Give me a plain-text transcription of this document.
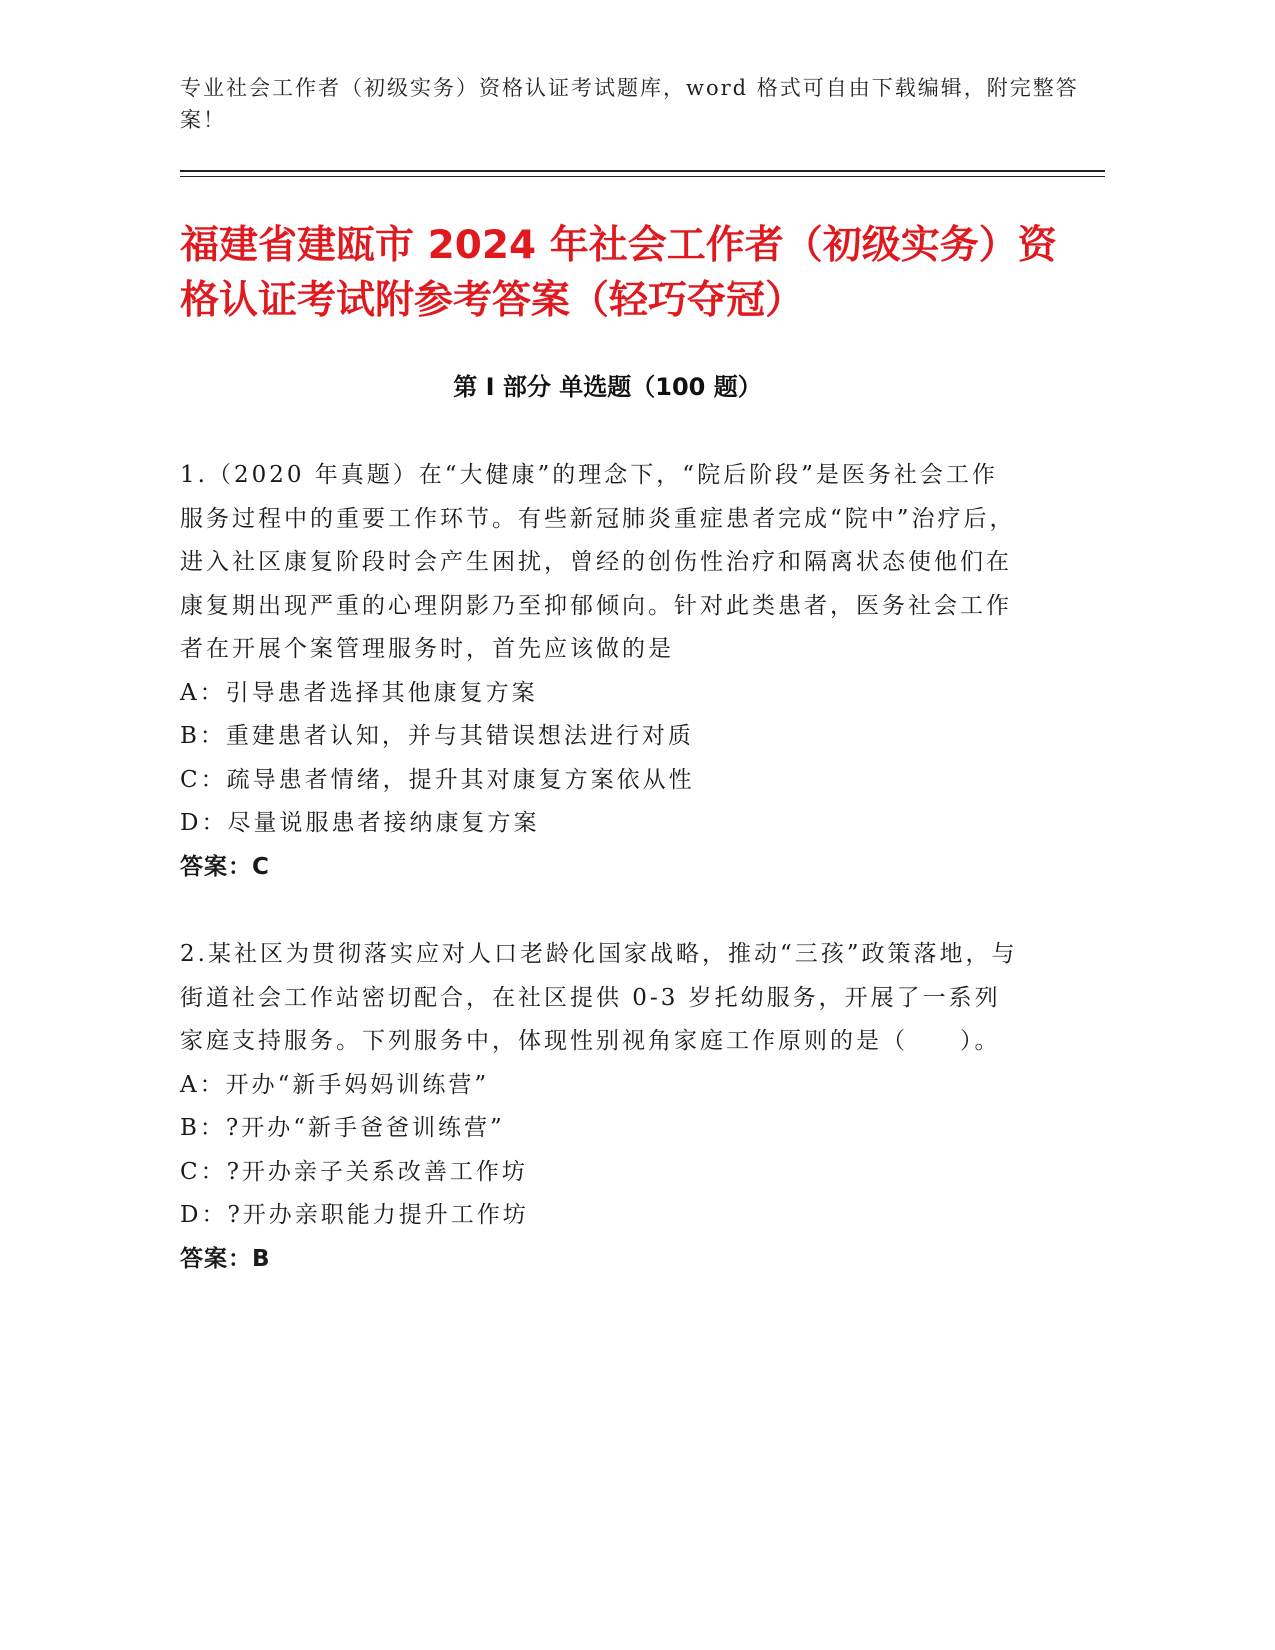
专业社会工作者（初级实务）资格认证考试题库，word 格式可自由下载编辑，附完整答案！
福建省建瓯市 2024 年社会工作者（初级实务）资格认证考试附参考答案（轻巧夺冠）
第 I 部分 单选题（100 题）

1.（2020 年真题）在“大健康”的理念下，“院后阶段”是医务社会工作服务过程中的重要工作环节。有些新冠肺炎重症患者完成“院中”治疗后，进入社区康复阶段时会产生困扰，曾经的创伤性治疗和隔离状态使他们在康复期出现严重的心理阴影乃至抑郁倾向。针对此类患者，医务社会工作者在开展个案管理服务时，首先应该做的是

A：引导患者选择其他康复方案

B：重建患者认知，并与其错误想法进行对质

C：疏导患者情绪，提升其对康复方案依从性

D：尽量说服患者接纳康复方案

答案：C

2.某社区为贯彻落实应对人口老龄化国家战略，推动“三孩”政策落地，与街道社会工作站密切配合，在社区提供 0-3 岁托幼服务，开展了一系列家庭支持服务。下列服务中，体现性别视角家庭工作原则的是（　　）。

A：开办“新手妈妈训练营”

B：?开办“新手爸爸训练营”

C：?开办亲子关系改善工作坊

D：?开办亲职能力提升工作坊

答案：B
